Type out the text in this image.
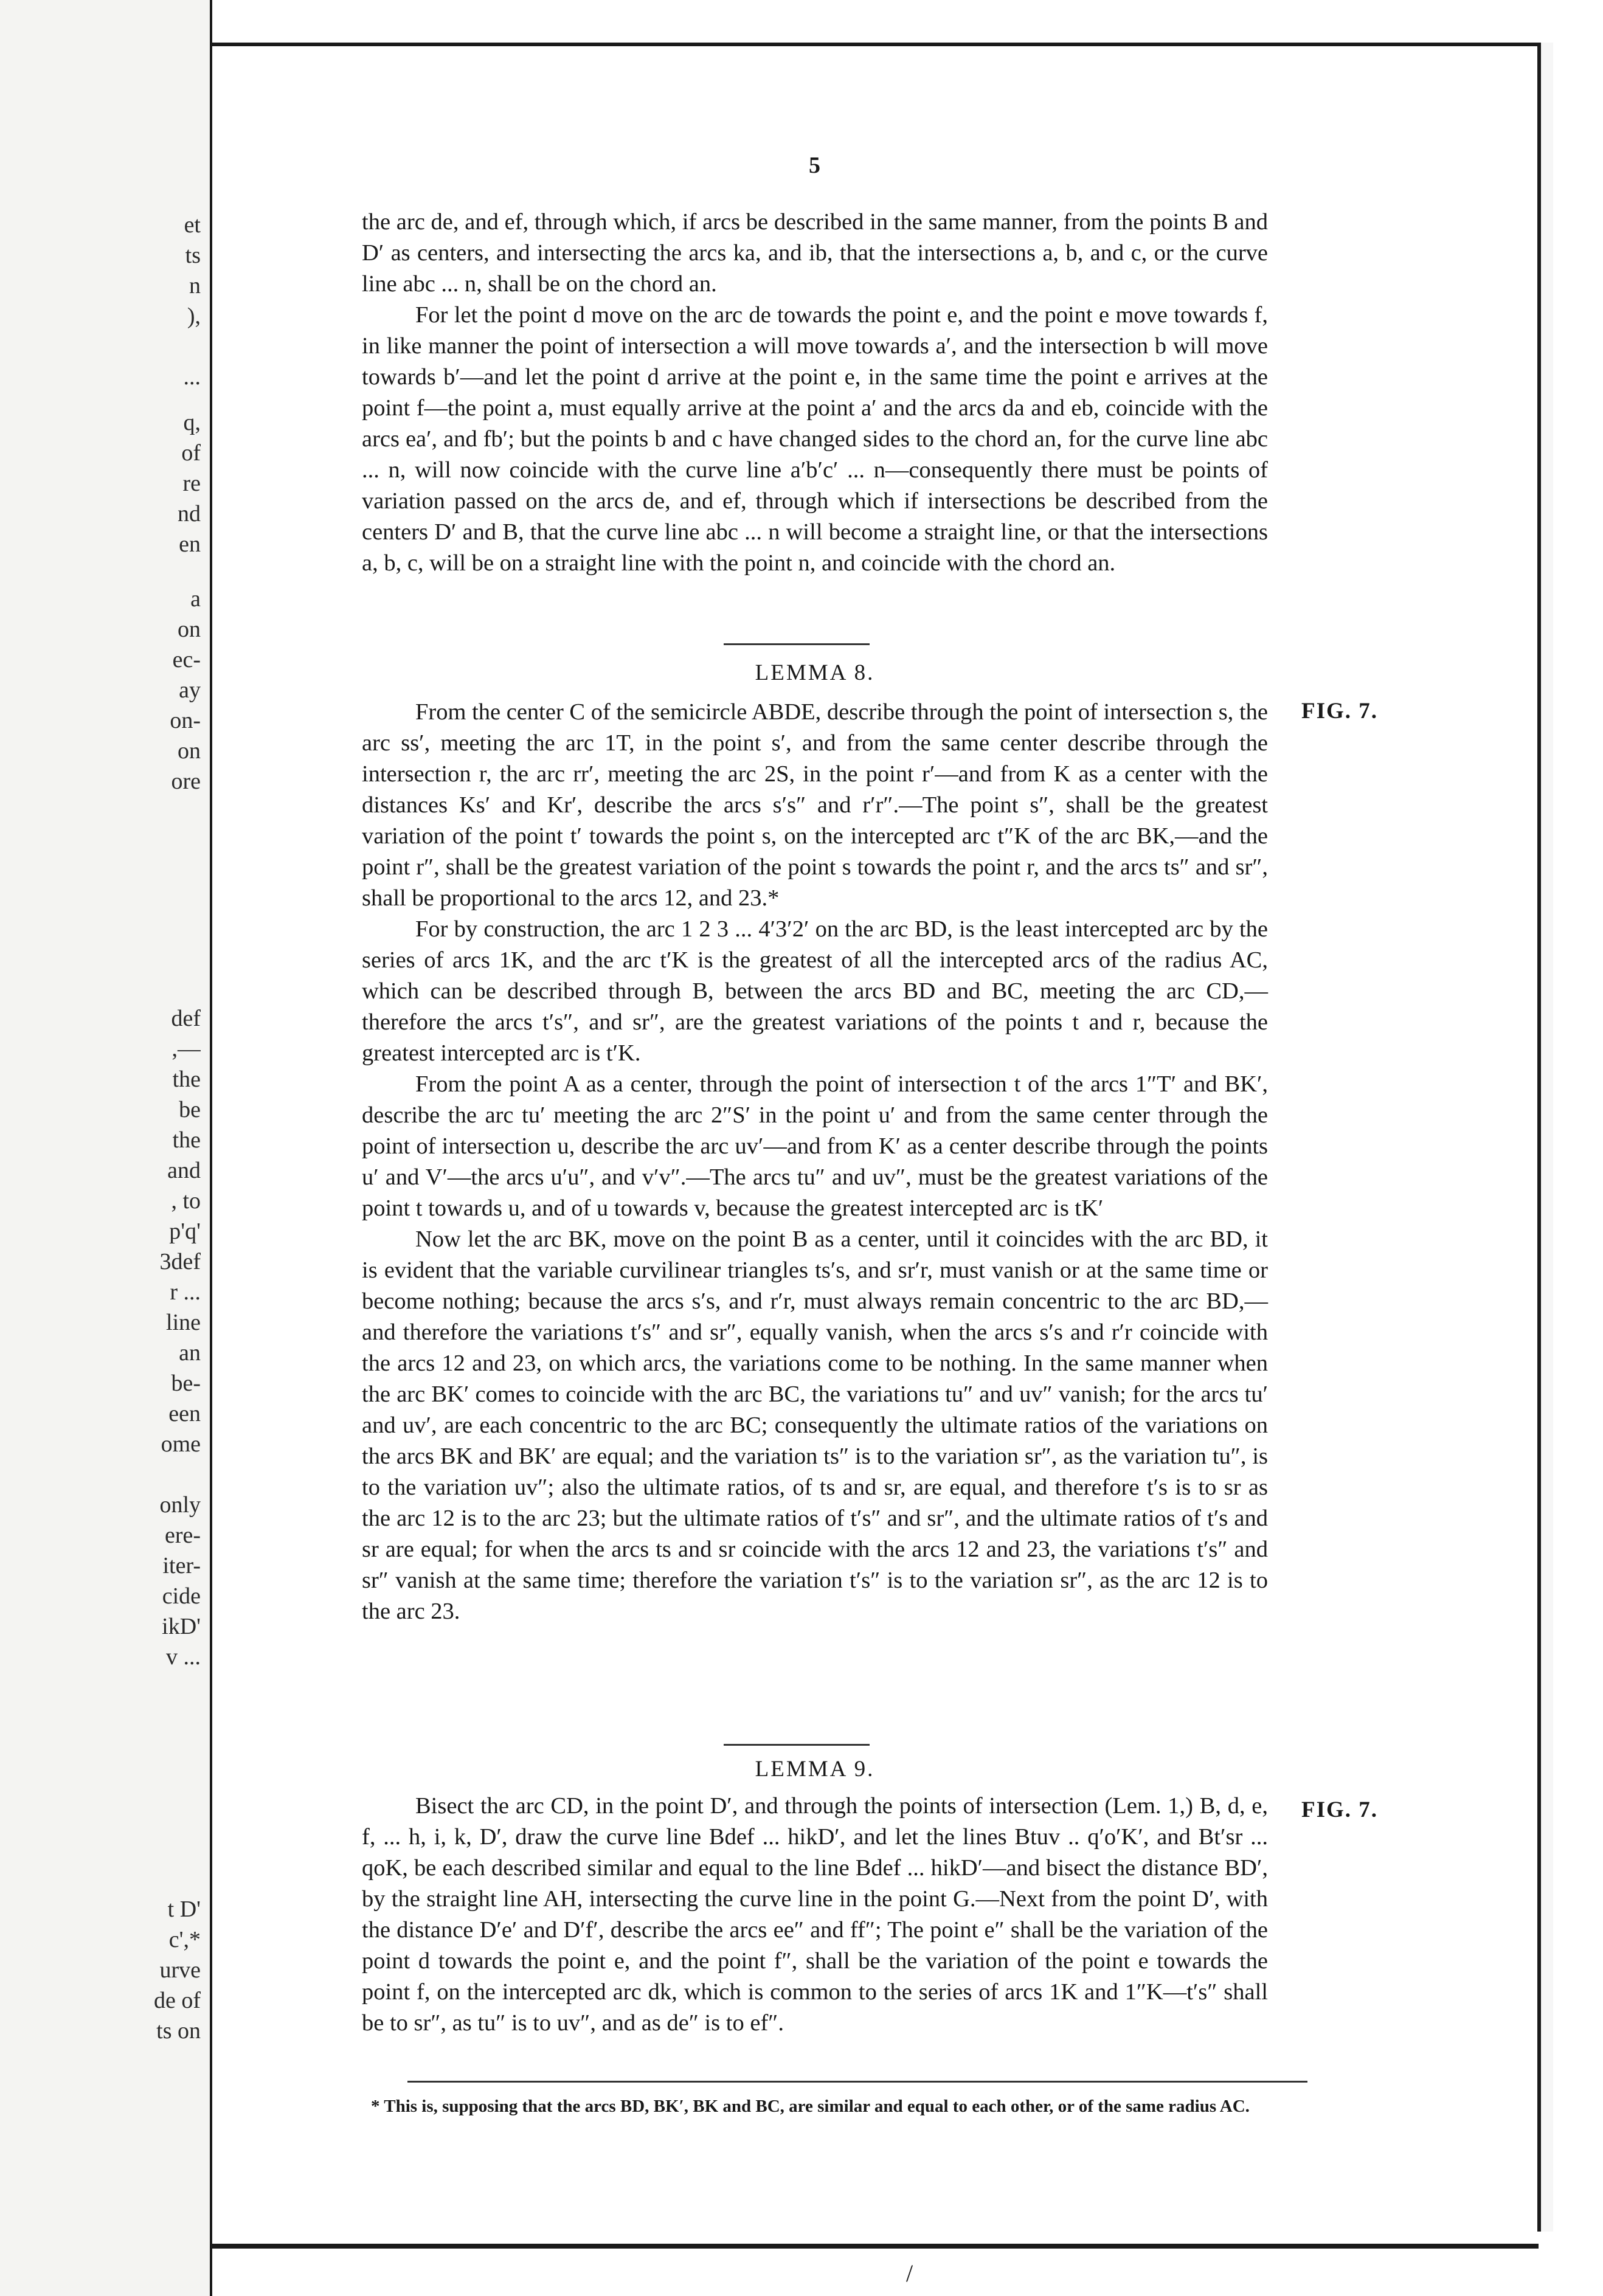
et
ts
n
),
...
q,
of
re
nd
en
a
on
ec-
ay
on-
on
ore
def
,—
the
be
the
and
, to
p'q'
3def
r ...
line
an
be-
een
ome
only
ere-
iter-
cide
ikD'
v ...
t D'
c',*
urve
de of
ts on
5

the arc de, and ef, through which, if arcs be described in the same manner, from the points B and D′ as centers, and intersecting the arcs ka, and ib, that the intersections a, b, and c, or the curve line abc ... n, shall be on the chord an.

For let the point d move on the arc de towards the point e, and the point e move towards f, in like manner the point of intersection a will move towards a′, and the intersection b will move towards b′—and let the point d arrive at the point e, in the same time the point e arrives at the point f—the point a, must equally arrive at the point a′ and the arcs da and eb, coincide with the arcs ea′, and fb′; but the points b and c have changed sides to the chord an, for the curve line abc ... n, will now coincide with the curve line a′b′c′ ... n—consequently there must be points of variation passed on the arcs de, and ef, through which if intersections be described from the centers D′ and B, that the curve line abc ... n will become a straight line, or that the intersections a, b, c, will be on a straight line with the point n, and coincide with the chord an.

LEMMA 8.
FIG. 7.

From the center C of the semicircle ABDE, describe through the point of intersection s, the arc ss′, meeting the arc 1T, in the point s′, and from the same center describe through the intersection r, the arc rr′, meeting the arc 2S, in the point r′—and from K as a center with the distances Ks′ and Kr′, describe the arcs s′s″ and r′r″.—The point s″, shall be the greatest variation of the point t′ towards the point s, on the intercepted arc t″K of the arc BK,—and the point r″, shall be the greatest variation of the point s towards the point r, and the arcs ts″ and sr″, shall be proportional to the arcs 12, and 23.*

For by construction, the arc 1 2 3 ... 4′3′2′ on the arc BD, is the least intercepted arc by the series of arcs 1K, and the arc t′K is the greatest of all the intercepted arcs of the radius AC, which can be described through B, between the arcs BD and BC, meeting the arc CD,—therefore the arcs t′s″, and sr″, are the greatest variations of the points t and r, because the greatest intercepted arc is t′K.

From the point A as a center, through the point of intersection t of the arcs 1″T′ and BK′, describe the arc tu′ meeting the arc 2″S′ in the point u′ and from the same center through the point of intersection u, describe the arc uv′—and from K′ as a center describe through the points u′ and V′—the arcs u′u″, and v′v″.—The arcs tu″ and uv″, must be the greatest variations of the point t towards u, and of u towards v, because the greatest intercepted arc is tK′

Now let the arc BK, move on the point B as a center, until it coincides with the arc BD, it is evident that the variable curvilinear triangles ts′s, and sr′r, must vanish or at the same time or become nothing; because the arcs s′s, and r′r, must always remain concentric to the arc BD,—and therefore the variations t′s″ and sr″, equally vanish, when the arcs s′s and r′r coincide with the arcs 12 and 23, on which arcs, the variations come to be nothing. In the same manner when the arc BK′ comes to coincide with the arc BC, the variations tu″ and uv″ vanish; for the arcs tu′ and uv′, are each concentric to the arc BC; consequently the ultimate ratios of the variations on the arcs BK and BK′ are equal; and the variation ts″ is to the variation sr″, as the variation tu″, is to the variation uv″; also the ultimate ratios, of ts and sr, are equal, and therefore t′s is to sr as the arc 12 is to the arc 23; but the ultimate ratios of t′s″ and sr″, and the ultimate ratios of t′s and sr are equal; for when the arcs ts and sr coincide with the arcs 12 and 23, the variations t′s″ and sr″ vanish at the same time; therefore the variation t′s″ is to the variation sr″, as the arc 12 is to the arc 23.

LEMMA 9.
FIG. 7.

Bisect the arc CD, in the point D′, and through the points of intersection (Lem. 1,) B, d, e, f, ... h, i, k, D′, draw the curve line Bdef ... hikD′, and let the lines Btuv .. q′o′K′, and Bt′sr ... qoK, be each described similar and equal to the line Bdef ... hikD′—and bisect the distance BD′, by the straight line AH, intersecting the curve line in the point G.—Next from the point D′, with the distance D′e′ and D′f′, describe the arcs ee″ and ff″; The point e″ shall be the variation of the point d towards the point e, and the point f″, shall be the variation of the point e towards the point f, on the intercepted arc dk, which is common to the series of arcs 1K and 1″K—t′s″ shall be to sr″, as tu″ is to uv″, and as de″ is to ef″.

* This is, supposing that the arcs BD, BK′, BK and BC, are similar and equal to each other, or of the same radius AC.
/
